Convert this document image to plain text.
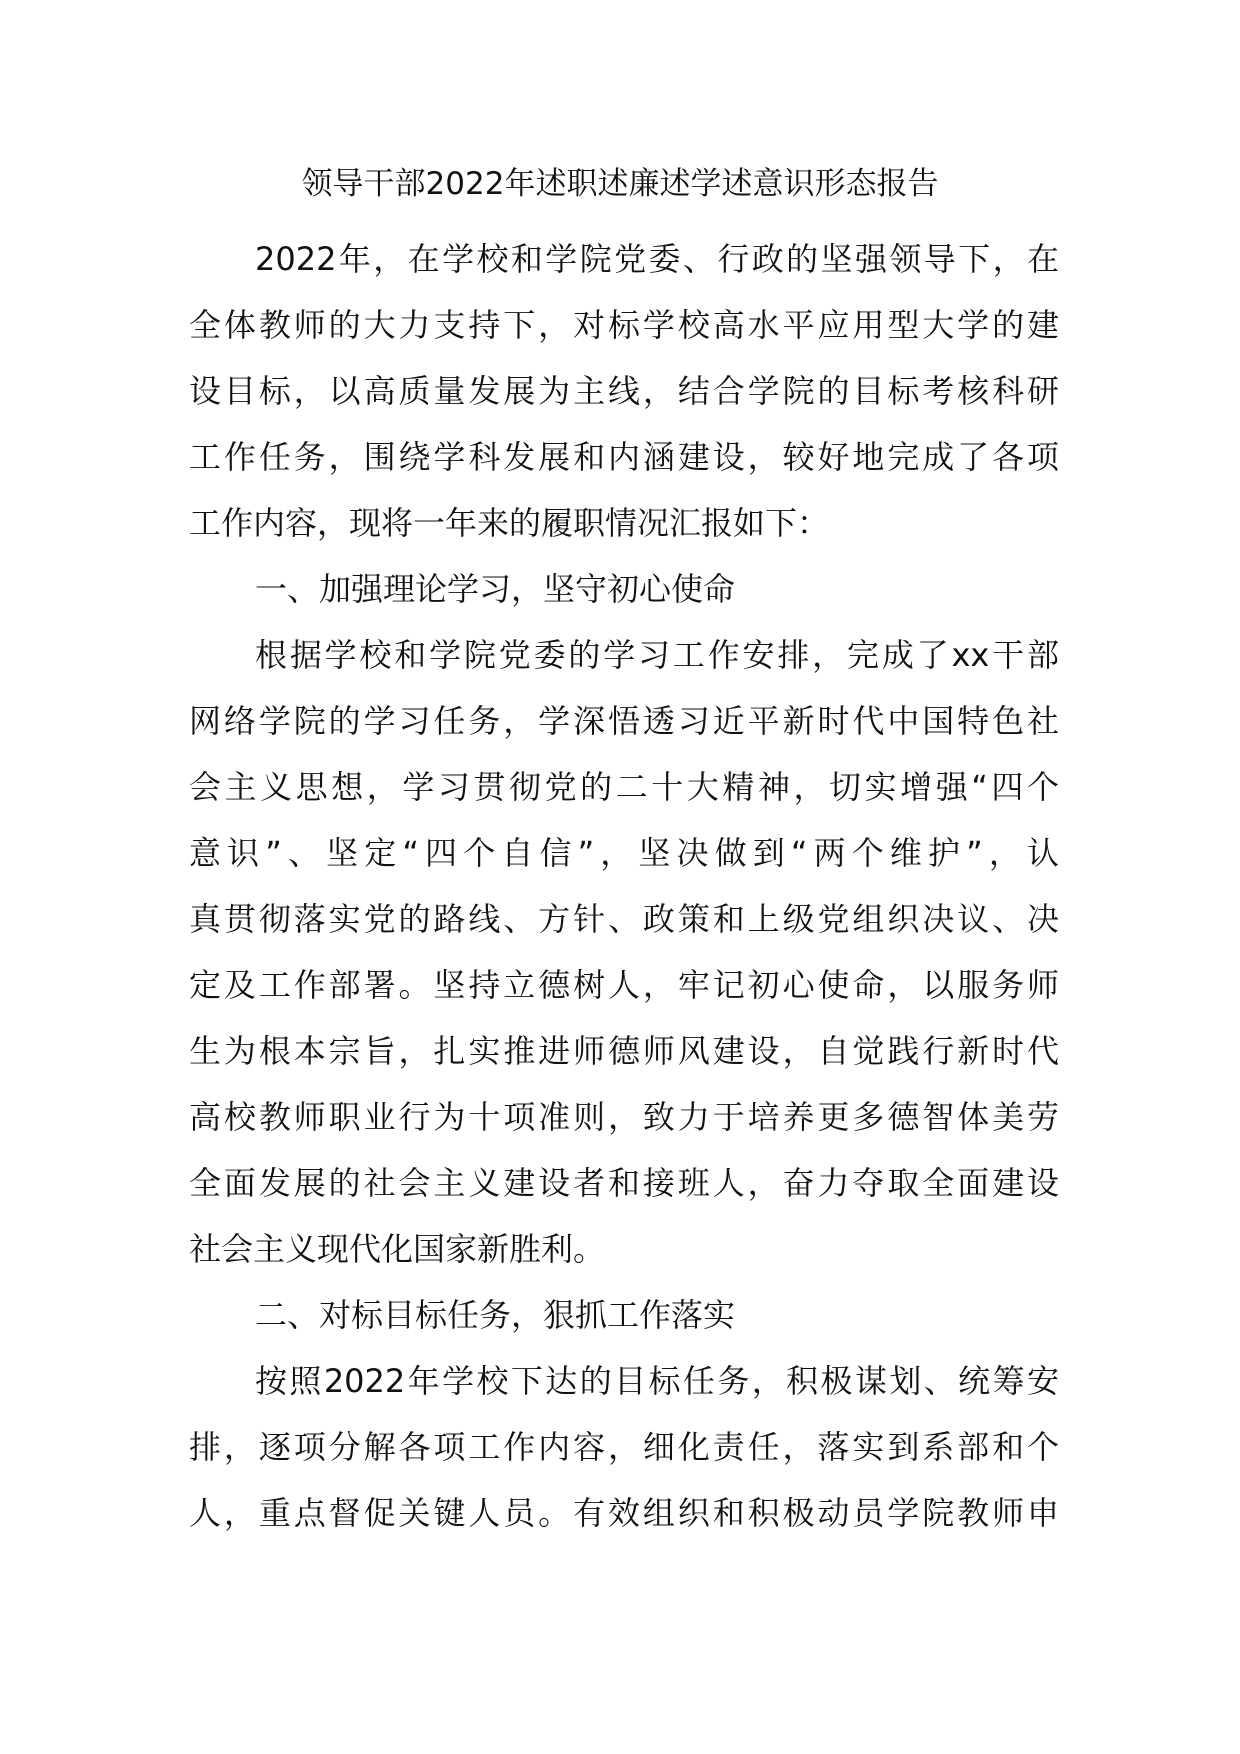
领导干部2022年述职述廉述学述意识形态报告
2022年，在学校和学院党委、行政的坚强领导下，在
全体教师的大力支持下，对标学校高水平应用型大学的建
设目标，以高质量发展为主线，结合学院的目标考核科研
工作任务，围绕学科发展和内涵建设，较好地完成了各项
工作内容，现将一年来的履职情况汇报如下：
一、加强理论学习，坚守初心使命
根据学校和学院党委的学习工作安排，完成了xx干部
网络学院的学习任务，学深悟透习近平新时代中国特色社
会主义思想，学习贯彻党的二十大精神，切实增强“四个
意识”、坚定“四个自信”，坚决做到“两个维护”，认
真贯彻落实党的路线、方针、政策和上级党组织决议、决
定及工作部署。坚持立德树人，牢记初心使命，以服务师
生为根本宗旨，扎实推进师德师风建设，自觉践行新时代
高校教师职业行为十项准则，致力于培养更多德智体美劳
全面发展的社会主义建设者和接班人，奋力夺取全面建设
社会主义现代化国家新胜利。
二、对标目标任务，狠抓工作落实
按照2022年学校下达的目标任务，积极谋划、统筹安
排，逐项分解各项工作内容，细化责任，落实到系部和个
人，重点督促关键人员。有效组织和积极动员学院教师申
